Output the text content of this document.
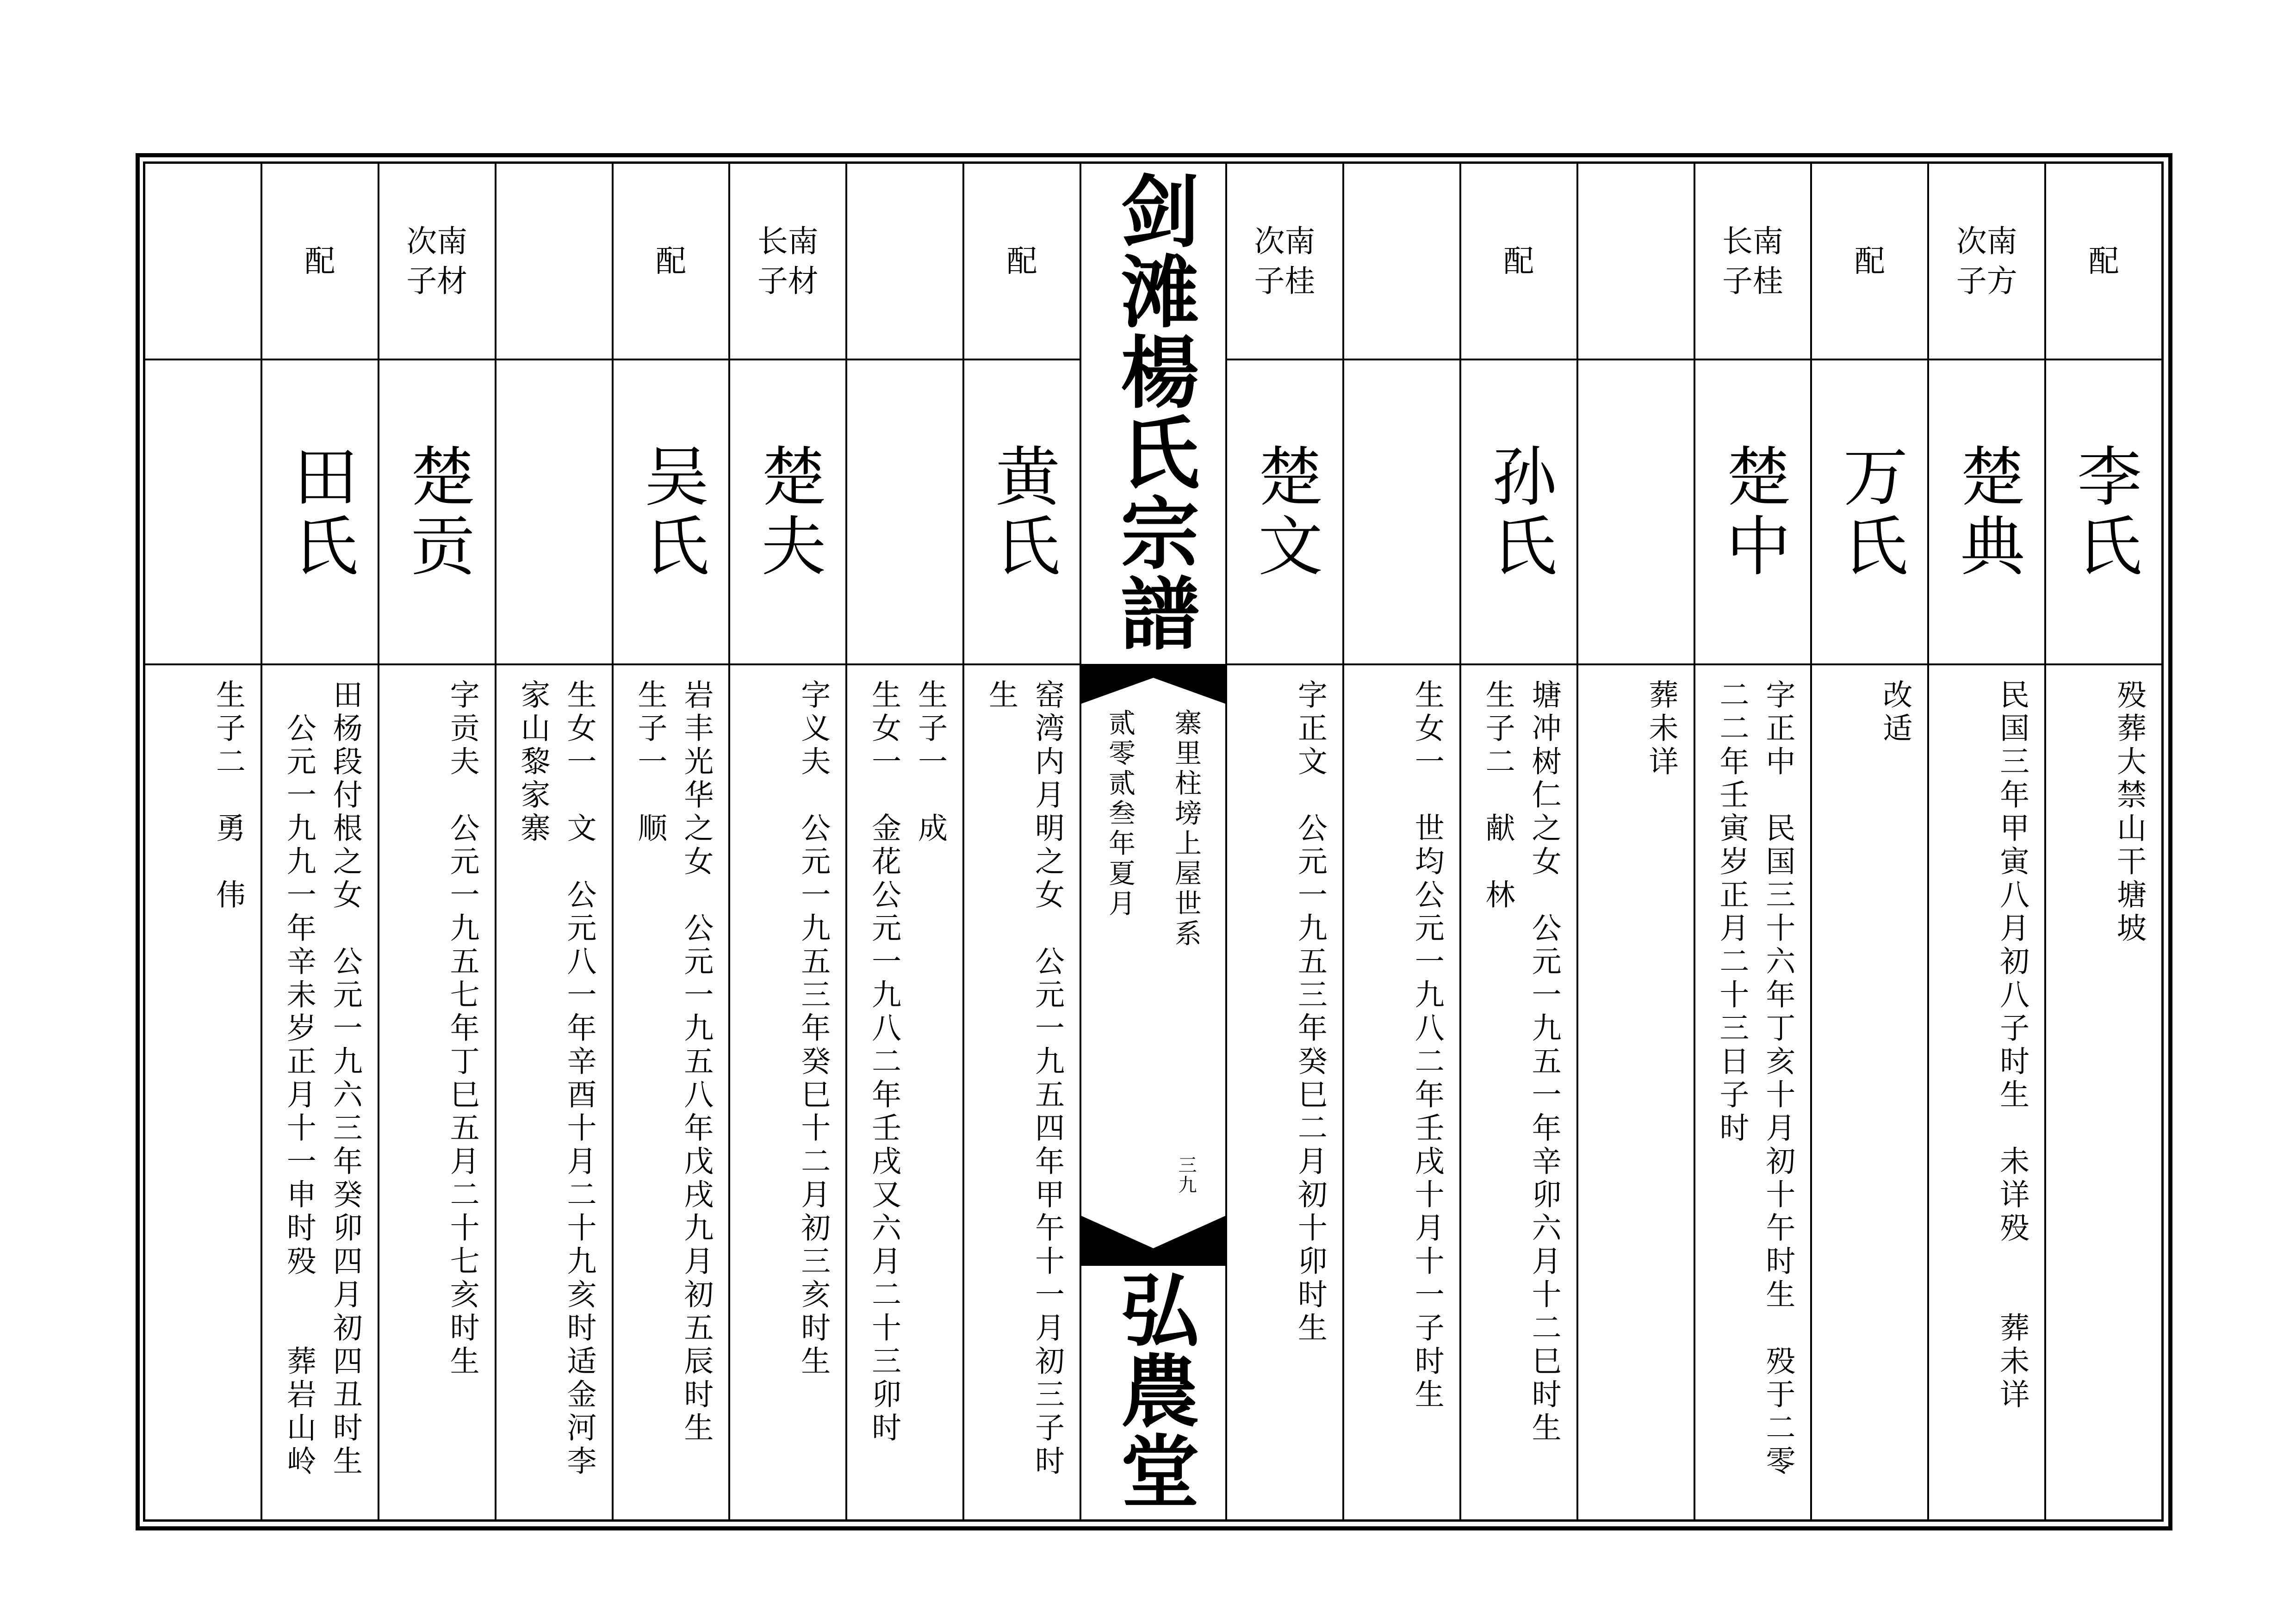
配
李氏
殁葬大禁山干塘坡
次南
子方
楚典
民国三年甲寅八月初八子时生　未详殁　　葬未详
配
万氏
改适
长南
子桂
楚中
字正中　民国三十六年丁亥十月初十午时生　殁于二零
二二年壬寅岁正月二十三日子时
葬未详
配
孙氏
塘冲树仁之女　公元一九五一年辛卯六月十二巳时生
生子二　献　林
生女一　世均公元一九八二年壬戌十月十一子时生
次南
子桂
楚文
字正文　公元一九五三年癸巳二月初十卯时生
剑滩楊氏宗譜
寨里柱塝上屋世系
贰零贰叁年夏月
三九
弘農堂
配
黄氏
窑湾内月明之女　公元一九五四年甲午十一月初三子时
生
生子一　成
生女一　金花公元一九八二年壬戌又六月二十三卯时
长南
子材
楚夫
字义夫　公元一九五三年癸巳十二月初三亥时生
配
吴氏
岩丰光华之女　公元一九五八年戊戌九月初五辰时生
生子一　顺
生女一　文　公元八一年辛酉十月二十九亥时适金河李
家山黎家寨
次南
子材
楚贡
字贡夫　公元一九五七年丁巳五月二十七亥时生
配
田氏
田杨段付根之女　公元一九六三年癸卯四月初四丑时生
　公元一九九一年辛未岁正月十一申时殁　　葬岩山岭
生子二　勇　伟
